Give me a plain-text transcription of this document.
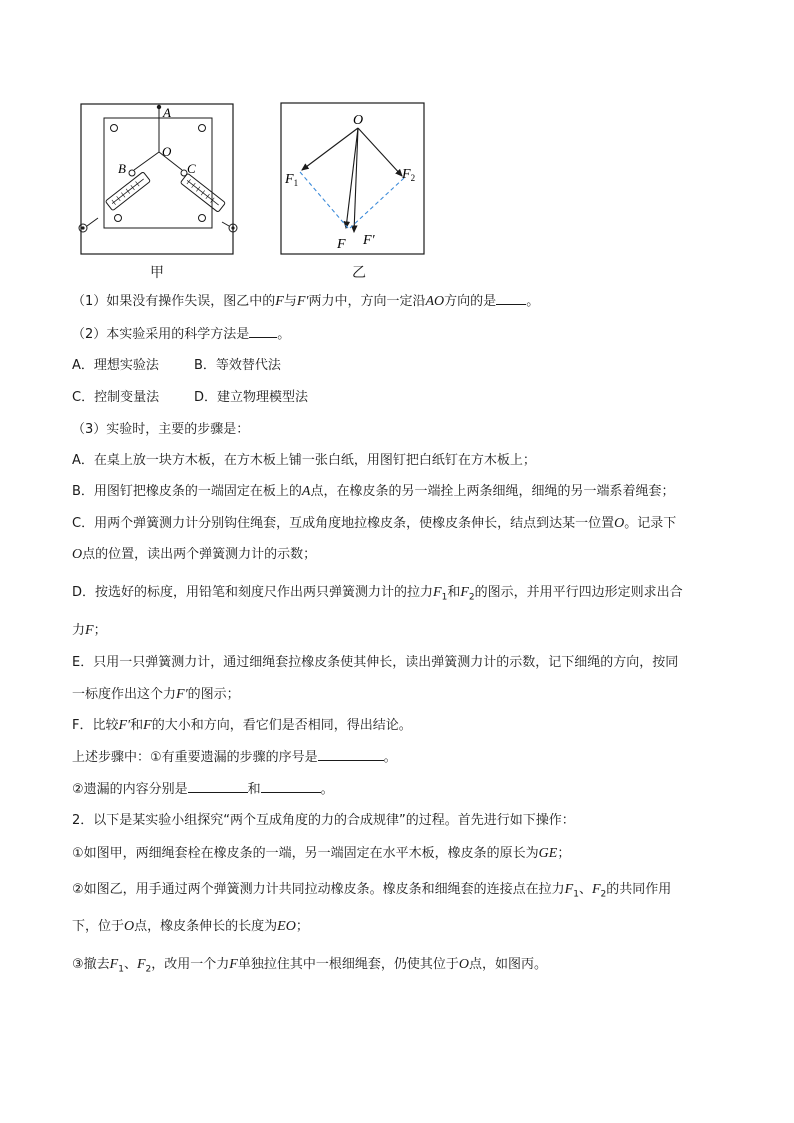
A
O
B	C
甲
O
$F_1$
$F_2$
F F′
乙
（1）如果没有操作失误，图乙中的F与F′两力中，方向一定沿AO方向的是 。
（2）本实验采用的科学方法是 。
A．理想实验法	B．等效替代法
C．控制变量法	D．建立物理模型法
（3）实验时，主要的步骤是：
A．在桌上放一块方木板，在方木板上铺一张白纸，用图钉把白纸钉在方木板上；
B．用图钉把橡皮条的一端固定在板上的A点，在橡皮条的另一端拴上两条细绳，细绳的另一端系着绳套；
C．用两个弹簧测力计分别钩住绳套，互成角度地拉橡皮条，使橡皮条伸长，结点到达某一位置O。记录下
O点的位置，读出两个弹簧测力计的示数；
D．按选好的标度，用铅笔和刻度尺作出两只弹簧测力计的拉力$F_1$和$F_2$的图示，并用平行四边形定则求出合
力F；
E．只用一只弹簧测力计，通过细绳套拉橡皮条使其伸长，读出弹簧测力计的示数，记下细绳的方向，按同
一标度作出这个力F′的图示；
F．比较F′和F的大小和方向，看它们是否相同，得出结论。
上述步骤中：①有重要遗漏的步骤的序号是	。
②遗漏的内容分别是	和	。
2．以下是某实验小组探究“两个互成角度的力的合成规律”的过程。首先进行如下操作：
①如图甲，两细绳套栓在橡皮条的一端，另一端固定在水平木板，橡皮条的原长为GE；
②如图乙，用手通过两个弹簧测力计共同拉动橡皮条。橡皮条和细绳套的连接点在拉力$F_1$、$F_2$的共同作用
下，位于O点，橡皮条伸长的长度为EO；
③撤去$F_1$、$F_2$，改用一个力F单独拉住其中一根细绳套，仍使其位于O点，如图丙。
